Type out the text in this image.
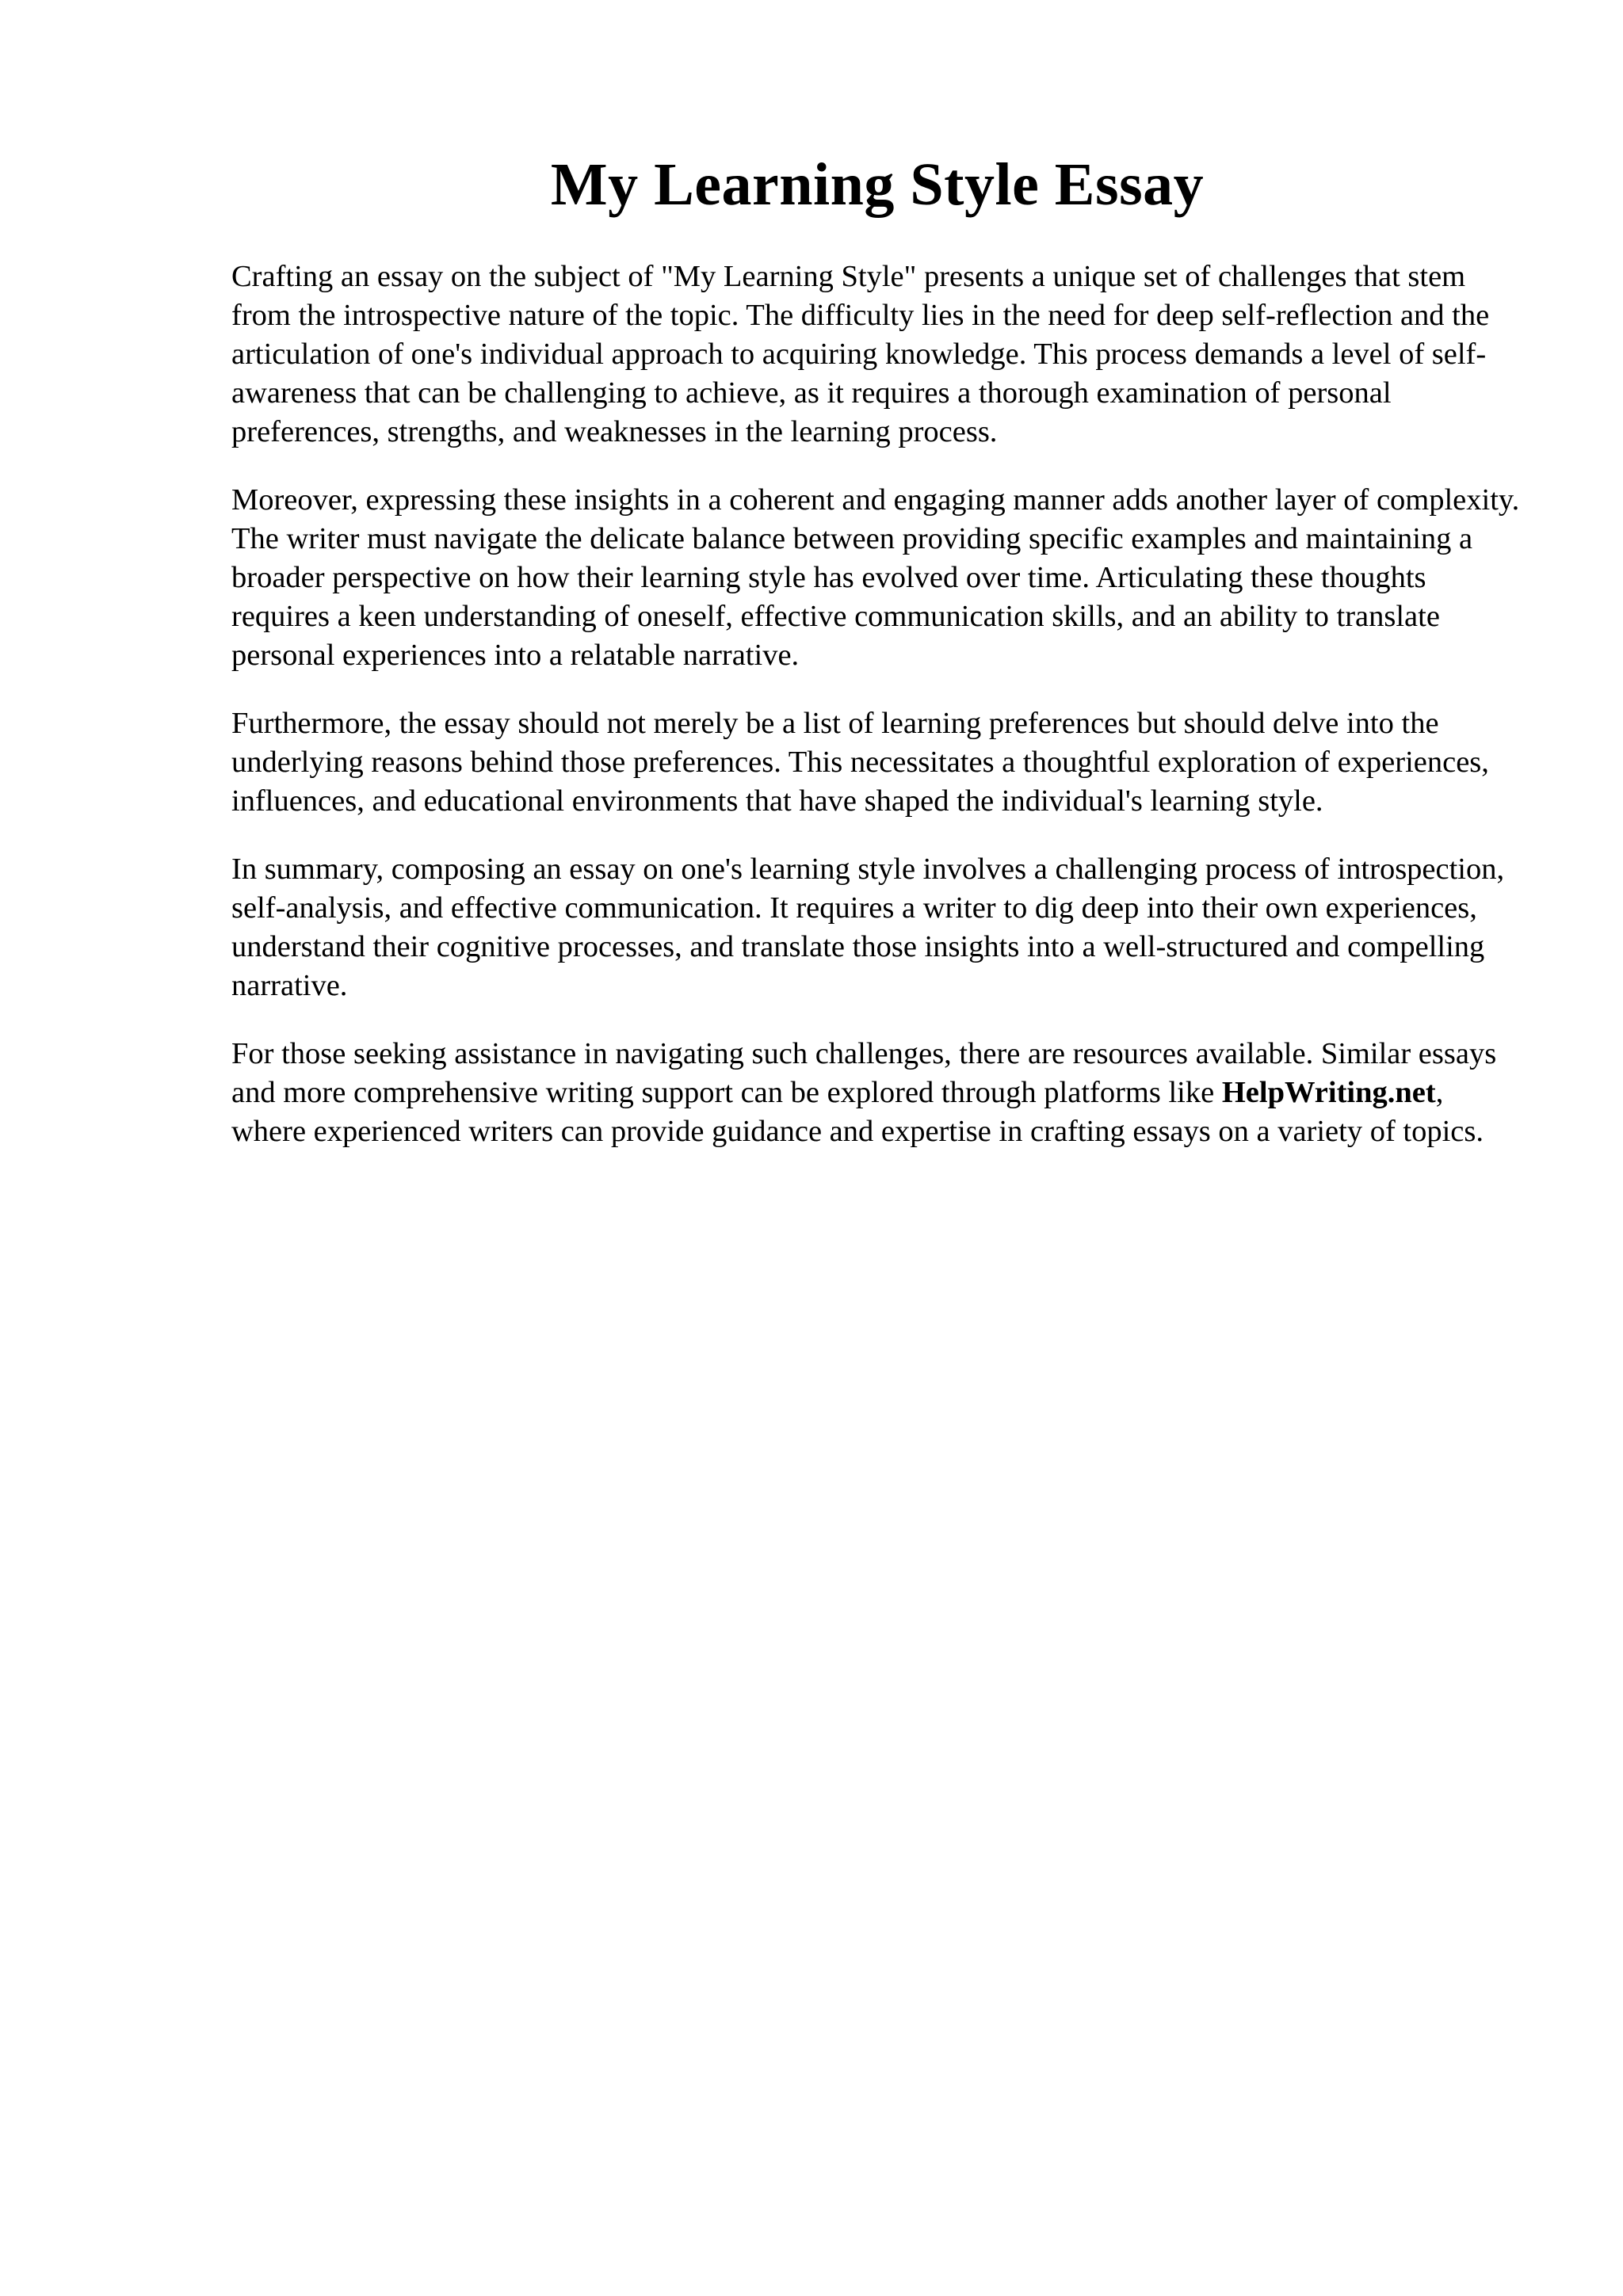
My Learning Style Essay

Crafting an essay on the subject of "My Learning Style" presents a unique set of challenges that stem from the introspective nature of the topic. The difficulty lies in the need for deep self-reflection and the articulation of one's individual approach to acquiring knowledge. This process demands a level of self-awareness that can be challenging to achieve, as it requires a thorough examination of personal preferences, strengths, and weaknesses in the learning process.

Moreover, expressing these insights in a coherent and engaging manner adds another layer of complexity. The writer must navigate the delicate balance between providing specific examples and maintaining a broader perspective on how their learning style has evolved over time. Articulating these thoughts requires a keen understanding of oneself, effective communication skills, and an ability to translate personal experiences into a relatable narrative.

Furthermore, the essay should not merely be a list of learning preferences but should delve into the underlying reasons behind those preferences. This necessitates a thoughtful exploration of experiences, influences, and educational environments that have shaped the individual's learning style.

In summary, composing an essay on one's learning style involves a challenging process of introspection, self-analysis, and effective communication. It requires a writer to dig deep into their own experiences, understand their cognitive processes, and translate those insights into a well-structured and compelling narrative.

For those seeking assistance in navigating such challenges, there are resources available. Similar essays and more comprehensive writing support can be explored through platforms like HelpWriting.net, where experienced writers can provide guidance and expertise in crafting essays on a variety of topics.
